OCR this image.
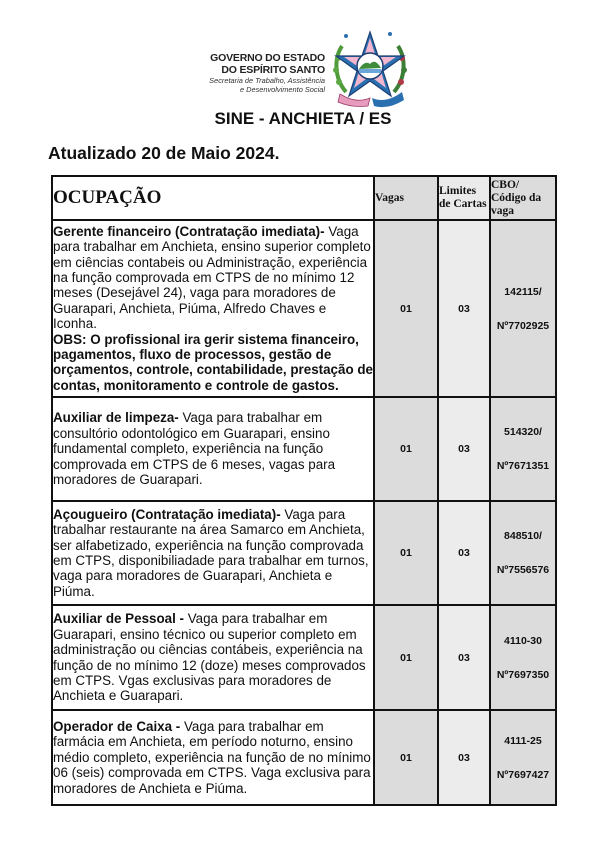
GOVERNO DO ESTADO
DO ESPÍRITO SANTO
Secretaria de Trabalho, Assistência
e Desenvolvimento Social
SINE - ANCHIETA / ES
Atualizado 20 de Maio 2024.
OCUPAÇÃO	Vagas	Limites de Cartas	CBO/ Código da vaga
Gerente financeiro (Contratação imediata)- Vaga para trabalhar em Anchieta, ensino superior completo em ciências contabeis ou Administração, experiência na função comprovada em CTPS de no mínimo 12 meses (Desejável 24), vaga para moradores de Guarapari, Anchieta, Piúma, Alfredo Chaves e Iconha.
OBS: O profissional ira gerir sistema financeiro, pagamentos, fluxo de processos, gestão de orçamentos, controle, contabilidade, prestação de contas, monitoramento e controle de gastos.	01	03	142115/
Nº7702925

Auxiliar de limpeza- Vaga para trabalhar em consultório odontológico em Guarapari, ensino fundamental completo, experiência na função comprovada em CTPS de 6 meses, vagas para moradores de Guarapari.	01	03	514320/
Nº7671351

Açougueiro (Contratação imediata)- Vaga para trabalhar restaurante na área Samarco em Anchieta, ser alfabetizado, experiência na função comprovada em CTPS, disponibiliadade para trabalhar em turnos, vaga para moradores de Guarapari, Anchieta e Piúma.	01	03	848510/
Nº7556576

Auxiliar de Pessoal - Vaga para trabalhar em Guarapari, ensino técnico ou superior completo em administração ou ciências contábeis, experiência na função de no mínimo 12 (doze) meses comprovados em CTPS. Vgas exclusivas para moradores de Anchieta e Guarapari.	01	03	4110-30
Nº7697350

Operador de Caixa - Vaga para trabalhar em farmácia em Anchieta, em período noturno, ensino médio completo, experiência na função de no mínimo 06 (seis) comprovada em CTPS. Vaga exclusiva para moradores de Anchieta e Piúma.	01	03	4111-25
Nº7697427
